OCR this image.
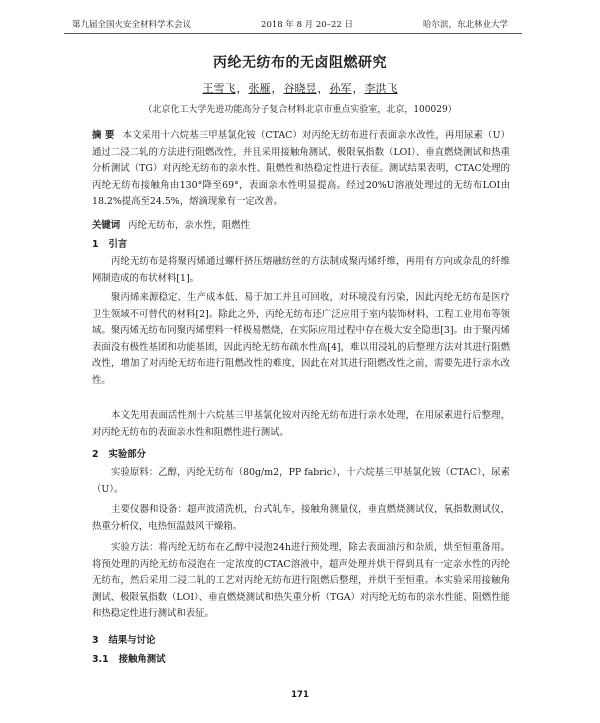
第九届全国火安全材料学术会议	2018 年 8 月 20–22 日	哈尔滨，东北林业大学
丙纶无纺布的无卤阻燃研究
王雪飞，张雁，谷晓昱，孙军，李洪飞
（北京化工大学先进功能高分子复合材料北京市重点实验室，北京，100029）
摘 要 本文采用十六烷基三甲基氯化铵（CTAC）对丙纶无纺布进行表面亲水改性，再用尿素（U）通过二浸二轧的方法进行阻燃改性，并且采用接触角测试、极限氧指数（LOI）、垂直燃烧测试和热重分析测试（TG）对丙纶无纺布的亲水性、阻燃性和热稳定性进行表征。测试结果表明，CTAC处理的丙纶无纺布接触角由130°降至69°，表面亲水性明显提高。经过20%U溶液处理过的无纺布LOI由18.2%提高至24.5%，熔滴现象有一定改善。
关键词 丙纶无纺布，亲水性，阻燃性
1 引言
丙纶无纺布是将聚丙烯通过螺杆挤压熔融纺丝的方法制成聚丙烯纤维，再用有方向或杂乱的纤维网制造成的布状材料[1]。
聚丙烯来源稳定、生产成本低、易于加工并且可回收，对环境没有污染，因此丙纶无纺布是医疗卫生领域不可替代的材料[2]。除此之外，丙纶无纺布还广泛应用于室内装饰材料、工程工业用布等领域。聚丙烯无纺布同聚丙烯塑料一样极易燃烧，在实际应用过程中存在极大安全隐患[3]。由于聚丙烯表面没有极性基团和功能基团，因此丙纶无纺布疏水性高[4]，难以用浸轧的后整理方法对其进行阻燃改性，增加了对丙纶无纺布进行阻燃改性的难度，因此在对其进行阻燃改性之前，需要先进行亲水改性。
本文先用表面活性剂十六烷基三甲基氯化铵对丙纶无纺布进行亲水处理，在用尿素进行后整理，对丙纶无纺布的表面亲水性和阻燃性进行测试。
2 实验部分
实验原料：乙醇，丙纶无纺布（80g/m2，PP fabric），十六烷基三甲基氯化铵（CTAC），尿素（U）。
主要仪器和设备：超声波清洗机，台式轧车，接触角测量仪，垂直燃烧测试仪，氧指数测试仪，热重分析仪，电热恒温鼓风干燥箱。
实验方法：将丙纶无纺布在乙醇中浸泡24h进行预处理，除去表面油污和杂质，烘至恒重备用。将预处理的丙纶无纺布浸泡在一定浓度的CTAC溶液中，超声处理并烘干得到具有一定亲水性的丙纶无纺布，然后采用二浸二轧的工艺对丙纶无纺布进行阻燃后整理，并烘干至恒重。本实验采用接触角测试、极限氧指数（LOI）、垂直燃烧测试和热失重分析（TGA）对丙纶无纺布的亲水性能、阻燃性能和热稳定性进行测试和表征。
3 结果与讨论
3.1 接触角测试
171
